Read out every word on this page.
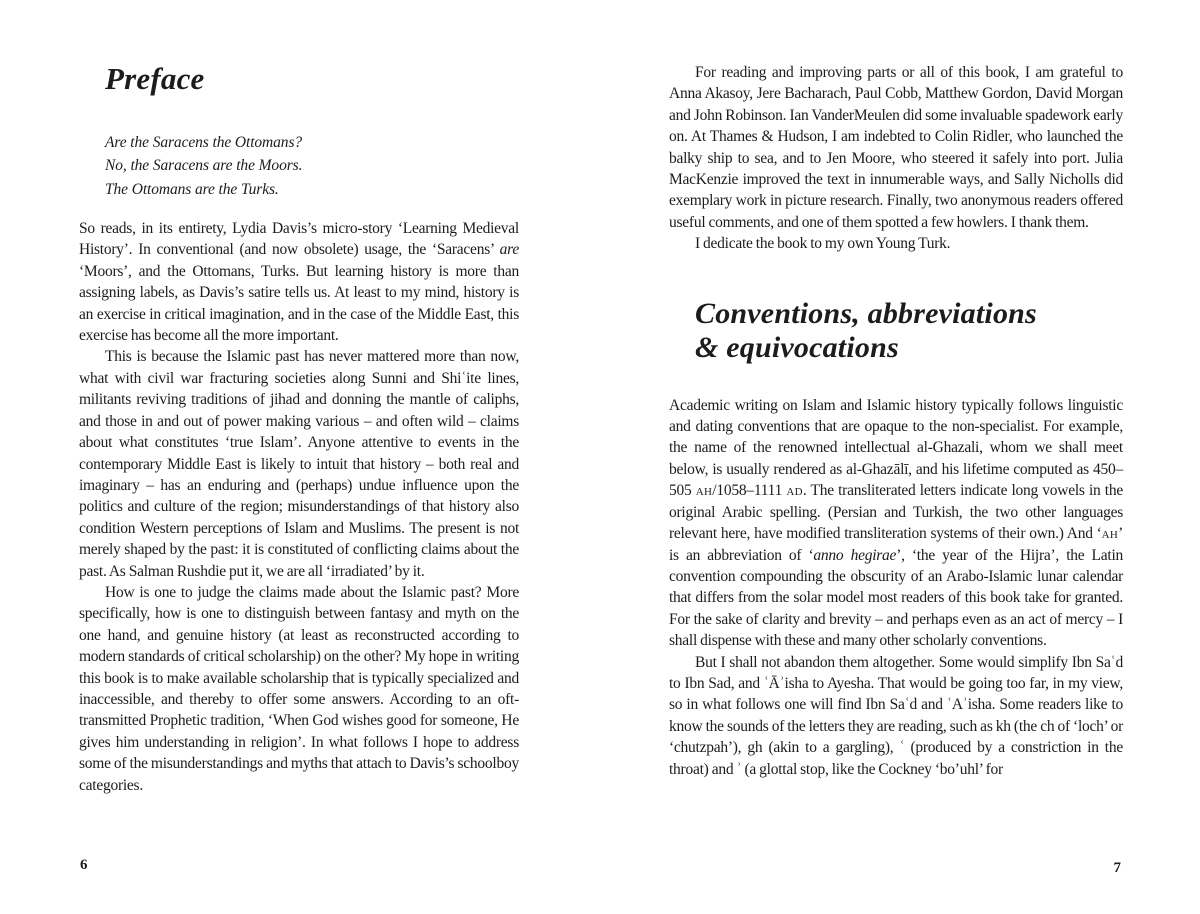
Preface
Are the Saracens the Ottomans?
No, the Saracens are the Moors.
The Ottomans are the Turks.

So reads, in its entirety, Lydia Davis’s micro-story ‘Learning Medieval History’. In conventional (and now obsolete) usage, the ‘Saracens’ are ‘Moors’, and the Ottomans, Turks. But learning history is more than assigning labels, as Davis’s satire tells us. At least to my mind, history is an exercise in critical imagination, and in the case of the Middle East, this exercise has become all the more important.

This is because the Islamic past has never mattered more than now, what with civil war fracturing societies along Sunni and Shiʿite lines, militants reviving traditions of jihad and donning the mantle of caliphs, and those in and out of power making various – and often wild – claims about what constitutes ‘true Islam’. Anyone attentive to events in the contemporary Middle East is likely to intuit that history – both real and imaginary – has an enduring and (perhaps) undue influence upon the politics and culture of the region; misunderstandings of that history also condition Western perceptions of Islam and Muslims. The present is not merely shaped by the past: it is constituted of conflicting claims about the past. As Salman Rushdie put it, we are all ‘irradiated’ by it.

How is one to judge the claims made about the Islamic past? More specifically, how is one to distinguish between fantasy and myth on the one hand, and genuine history (at least as reconstructed according to modern standards of critical scholarship) on the other? My hope in writing this book is to make available scholarship that is typically specialized and inaccessible, and thereby to offer some answers. According to an oft-transmitted Prophetic tradition, ‘When God wishes good for someone, He gives him understanding in religion’. In what follows I hope to address some of the misunderstandings and myths that attach to Davis’s schoolboy categories.

6

For reading and improving parts or all of this book, I am grateful to Anna Akasoy, Jere Bacharach, Paul Cobb, Matthew Gordon, David Morgan and John Robinson. Ian VanderMeulen did some invaluable spadework early on. At Thames & Hudson, I am indebted to Colin Ridler, who launched the balky ship to sea, and to Jen Moore, who steered it safely into port. Julia MacKenzie improved the text in innumerable ways, and Sally Nicholls did exemplary work in picture research. Finally, two anonymous readers offered useful comments, and one of them spotted a few howlers. I thank them.

I dedicate the book to my own Young Turk.

Conventions, abbreviations
& equivocations

Academic writing on Islam and Islamic history typically follows linguistic and dating conventions that are opaque to the non-specialist. For example, the name of the renowned intellectual al-Ghazali, whom we shall meet below, is usually rendered as al-Ghazālī, and his lifetime computed as 450–505 ah/1058–1111 ad. The transliterated letters indicate long vowels in the original Arabic spelling. (Persian and Turkish, the two other languages relevant here, have modified transliteration systems of their own.) And ‘ah’ is an abbreviation of ‘anno hegirae’, ‘the year of the Hijra’, the Latin convention compounding the obscurity of an Arabo-Islamic lunar calendar that differs from the solar model most readers of this book take for granted. For the sake of clarity and brevity – and perhaps even as an act of mercy – I shall dispense with these and many other scholarly conventions.

But I shall not abandon them altogether. Some would simplify Ibn Saʿd to Ibn Sad, and ʿĀʾisha to Ayesha. That would be going too far, in my view, so in what follows one will find Ibn Saʿd and ʿAʾisha. Some readers like to know the sounds of the letters they are reading, such as kh (the ch of ‘loch’ or ‘chutzpah’), gh (akin to a gargling), ʿ (produced by a constriction in the throat) and ʾ (a glottal stop, like the Cockney ‘bo’uhl’ for

7
